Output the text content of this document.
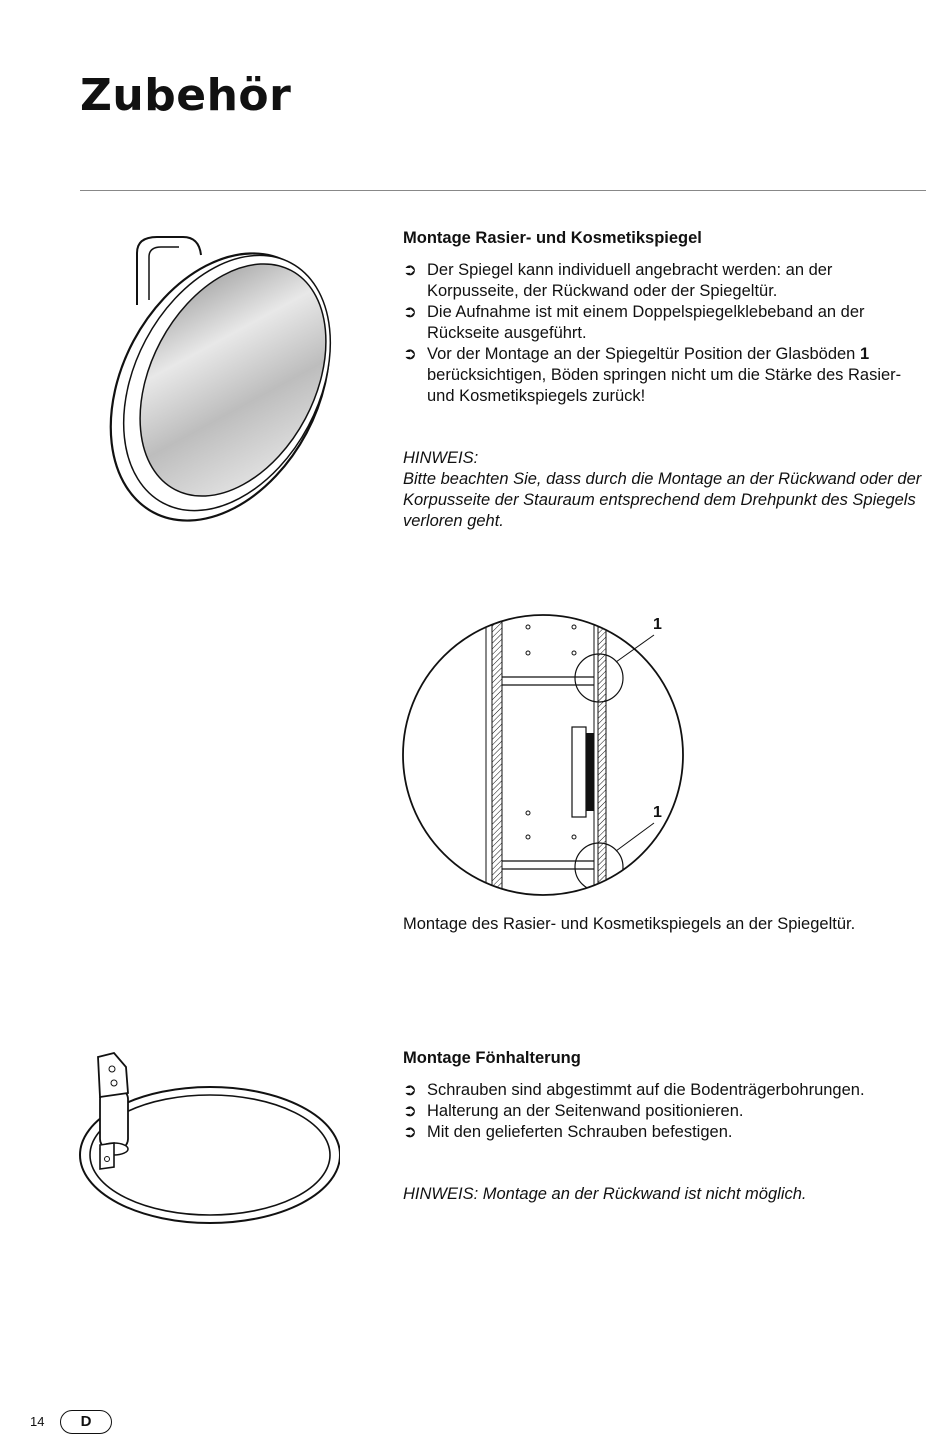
Zubehör

Montage Rasier- und Kosmetikspiegel

➲ Der Spiegel kann individuell angebracht werden: an der Korpusseite, der Rückwand oder der Spiegeltür.
➲ Die Aufnahme ist mit einem Doppelspiegelklebeband an der Rückseite ausgeführt.
➲ Vor der Montage an der Spiegeltür Position der Glasböden 1 berücksichtigen, Böden springen nicht um die Stärke des Rasier- und Kosmetikspiegels zurück!
HINWEIS:
Bitte beachten Sie, dass durch die Montage an der Rückwand oder der Korpusseite der Stauraum entsprechend dem Drehpunkt des Spiegels verloren geht.
1
1
Montage des Rasier- und Kosmetikspiegels an der Spiegeltür.

Montage Fönhalterung

➲ Schrauben sind abgestimmt auf die Bodenträgerbohrungen.
➲ Halterung an der Seitenwand positionieren.
➲ Mit den gelieferten Schrauben befestigen.
HINWEIS: Montage an der Rückwand ist nicht möglich.
14	D
